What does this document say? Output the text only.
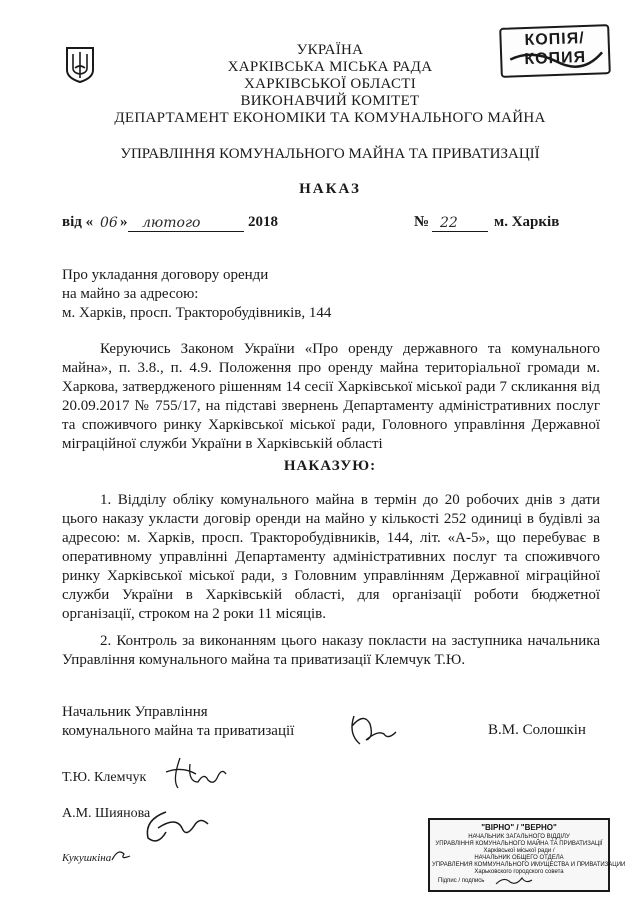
КОПІЯ/
КОПИЯ
УКРАЇНА
ХАРКІВСЬКА МІСЬКА РАДА
ХАРКІВСЬКОЇ ОБЛАСТІ
ВИКОНАВЧИЙ КОМІТЕТ
ДЕПАРТАМЕНТ ЕКОНОМІКИ ТА КОМУНАЛЬНОГО МАЙНА
УПРАВЛІННЯ КОМУНАЛЬНОГО МАЙНА ТА ПРИВАТИЗАЦІЇ
НАКАЗ
від « 06 » лютого	2018	№ 22 м. Харків
Про укладання договору оренди
на майно за адресою:
м. Харків, просп. Тракторобудівників, 144

Керуючись Законом України «Про оренду державного та комунального майна», п. 3.8., п. 4.9. Положення про оренду майна територіальної громади м. Харкова, затвердженого рішенням 14 сесії Харківської міської ради 7 скликання від 20.09.2017 № 755/17, на підставі звернень Департаменту адміністративних послуг та споживчого ринку Харківської міської ради, Головного управління Державної міграційної служби України в Харківській області

НАКАЗУЮ:

1. Відділу обліку комунального майна в термін до 20 робочих днів з дати цього наказу укласти договір оренди на майно у кількості 252 одиниці в будівлі за адресою: м. Харків, просп. Тракторобудівників, 144, літ. «А-5», що перебуває в оперативному управлінні Департаменту адміністративних послуг та споживчого ринку Харківської міської ради, з Головним управлінням Державної міграційної служби України в Харківській області, для організації роботи бюджетної організації, строком на 2 роки 11 місяців.

2. Контроль за виконанням цього наказу покласти на заступника начальника Управління комунального майна та приватизації Клемчук Т.Ю.

Начальник Управління
комунального майна та приватизації	В.М. Солошкін
Т.Ю. Клемчук
А.М. Шиянова
Кукушкіна
"ВІРНО" / "ВЕРНО"
НАЧАЛЬНИК ЗАГАЛЬНОГО ВІДДІЛУ
УПРАВЛІННЯ КОМУНАЛЬНОГО МАЙНА ТА ПРИВАТИЗАЦІЇ
Харківської міської ради /
НАЧАЛЬНИК ОБЩЕГО ОТДЕЛА
УПРАВЛЕНИЯ КОММУНАЛЬНОГО ИМУЩЕСТВА И ПРИВАТИЗАЦИИ
Харьковского городского совета
Підпис / подпись
